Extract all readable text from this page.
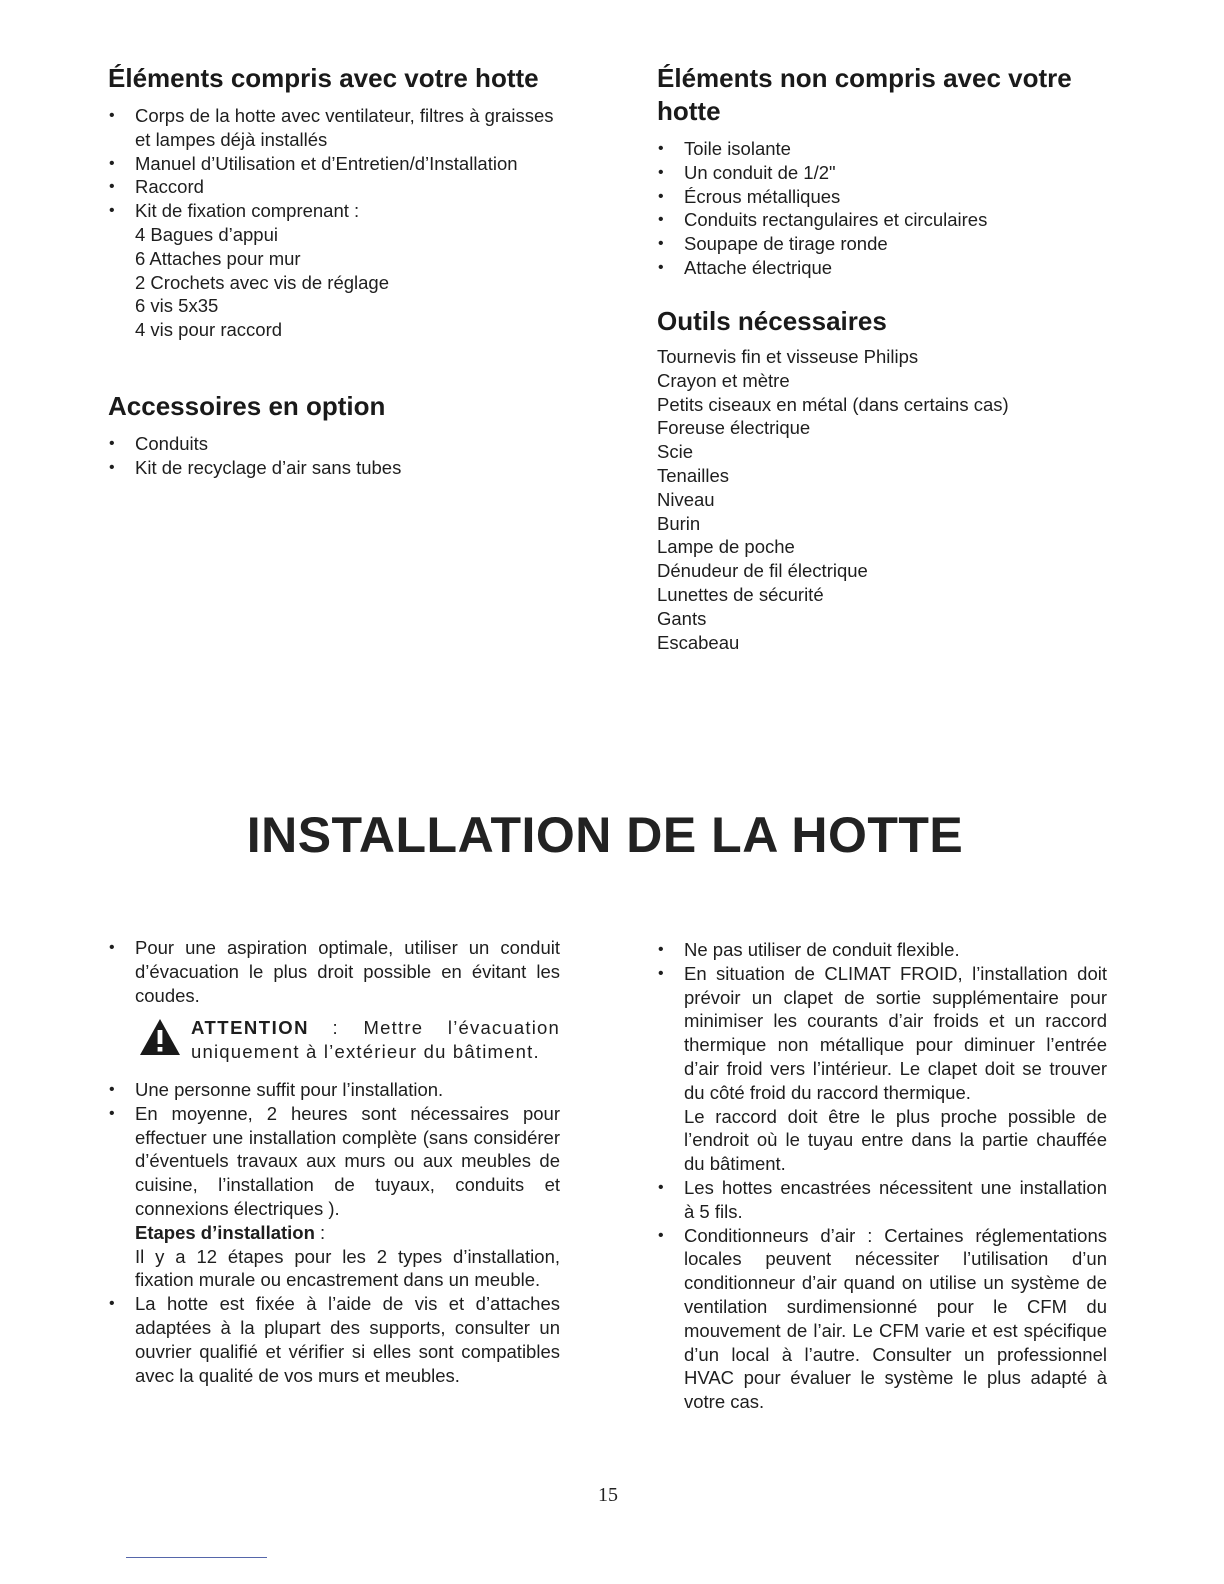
Éléments compris avec votre hotte
• Corps de la hotte avec ventilateur, filtres à graisses et lampes déjà installés
• Manuel d’Utilisation et d’Entretien/d’Installation
• Raccord
• Kit de fixation comprenant :
4 Bagues d’appui
6 Attaches pour mur
2 Crochets avec vis de réglage
6 vis 5x35
4 vis pour raccord
Accessoires en option
• Conduits
• Kit de recyclage d’air sans tubes
Éléments non compris avec votre hotte
• Toile isolante
• Un conduit de 1/2"
• Écrous métalliques
• Conduits rectangulaires et circulaires
• Soupape de tirage ronde
• Attache électrique
Outils nécessaires
Tournevis fin et visseuse Philips
Crayon et mètre
Petits ciseaux en métal (dans certains cas)
Foreuse électrique
Scie
Tenailles
Niveau
Burin
Lampe de poche
Dénudeur de fil électrique
Lunettes de sécurité
Gants
Escabeau
INSTALLATION DE LA HOTTE
• Pour une aspiration optimale, utiliser un conduit d’évacuation le plus droit possible en évitant les coudes.
ATTENTION : Mettre l’évacuation uniquement à l’extérieur du bâtiment.
• Une personne suffit pour l’installation.
• En moyenne, 2 heures sont nécessaires pour effectuer une installation complète (sans considérer d’éventuels travaux aux murs ou aux meubles de cuisine, l’installation de tuyaux, conduits et connexions électriques ).
Etapes d’installation :
Il y a 12 étapes pour les 2 types d’installation, fixation murale ou encastrement dans un meuble.
• La hotte est fixée à l’aide de vis et d’attaches adaptées à la plupart des supports, consulter un ouvrier qualifié et vérifier si elles sont compatibles avec la qualité de vos murs et meubles.
• Ne pas utiliser de conduit flexible.
• En situation de CLIMAT FROID, l’installation doit prévoir un clapet de sortie supplémentaire pour minimiser les courants d’air froids et un raccord thermique non métallique pour diminuer l’entrée d’air froid vers l’intérieur. Le clapet doit se trouver du côté froid du raccord thermique.
Le raccord doit être le plus proche possible de l’endroit où le tuyau entre dans la partie chauffée du bâtiment.
• Les hottes encastrées nécessitent une installation à 5 fils.
• Conditionneurs d’air : Certaines réglementations locales peuvent nécessiter l’utilisation d’un conditionneur d’air quand on utilise un système de ventilation surdimensionné pour le CFM du mouvement de l’air. Le CFM varie et est spécifique d’un local à l’autre. Consulter un professionnel HVAC pour évaluer le système le plus adapté à votre cas.
15
